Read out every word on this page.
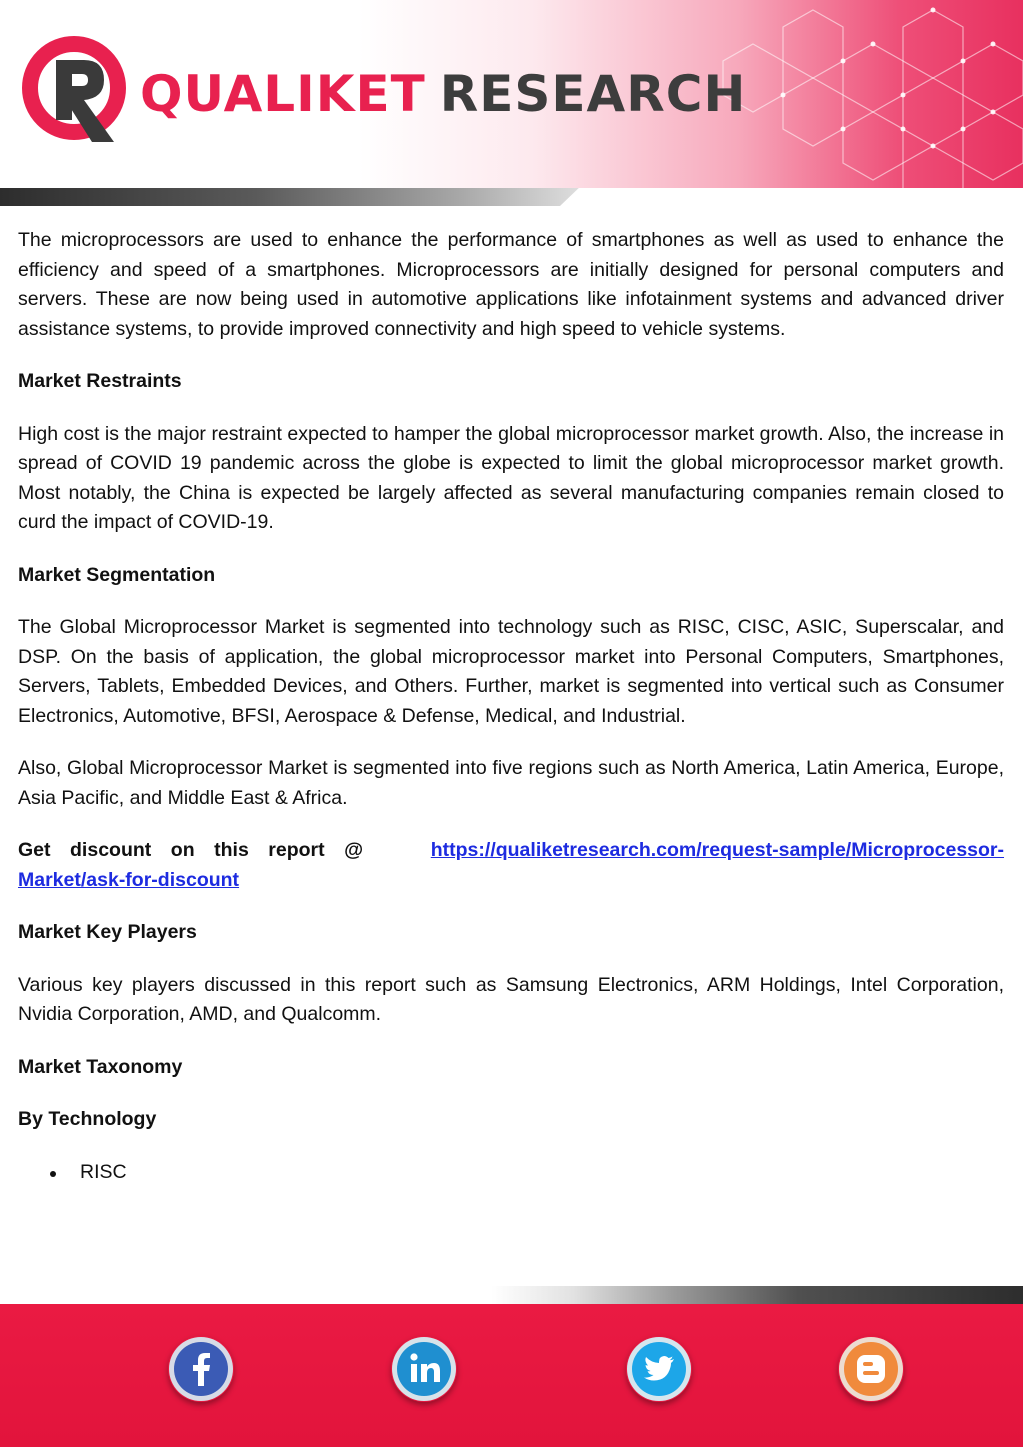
QUALIKET RESEARCH

The microprocessors are used to enhance the performance of smartphones as well as used to enhance the efficiency and speed of a smartphones. Microprocessors are initially designed for personal computers and servers. These are now being used in automotive applications like infotainment systems and advanced driver assistance systems, to provide improved connectivity and high speed to vehicle systems.

Market Restraints

High cost is the major restraint expected to hamper the global microprocessor market growth. Also, the increase in spread of COVID 19 pandemic across the globe is expected to limit the global microprocessor market growth. Most notably, the China is expected be largely affected as several manufacturing companies remain closed to curd the impact of COVID-19.

Market Segmentation

The Global Microprocessor Market is segmented into technology such as RISC, CISC, ASIC, Superscalar, and DSP. On the basis of application, the global microprocessor market into Personal Computers, Smartphones, Servers, Tablets, Embedded Devices, and Others. Further, market is segmented into vertical such as Consumer Electronics, Automotive, BFSI, Aerospace & Defense, Medical, and Industrial.

Also, Global Microprocessor Market is segmented into five regions such as North America, Latin America, Europe, Asia Pacific, and Middle East & Africa.

Get discount on this report @	https://qualiketresearch.com/request-sample/Microprocessor-Market/ask-for-discount

Market Key Players

Various key players discussed in this report such as Samsung Electronics, ARM Holdings, Intel Corporation, Nvidia Corporation, AMD, and Qualcomm.

Market Taxonomy

By Technology

RISC
